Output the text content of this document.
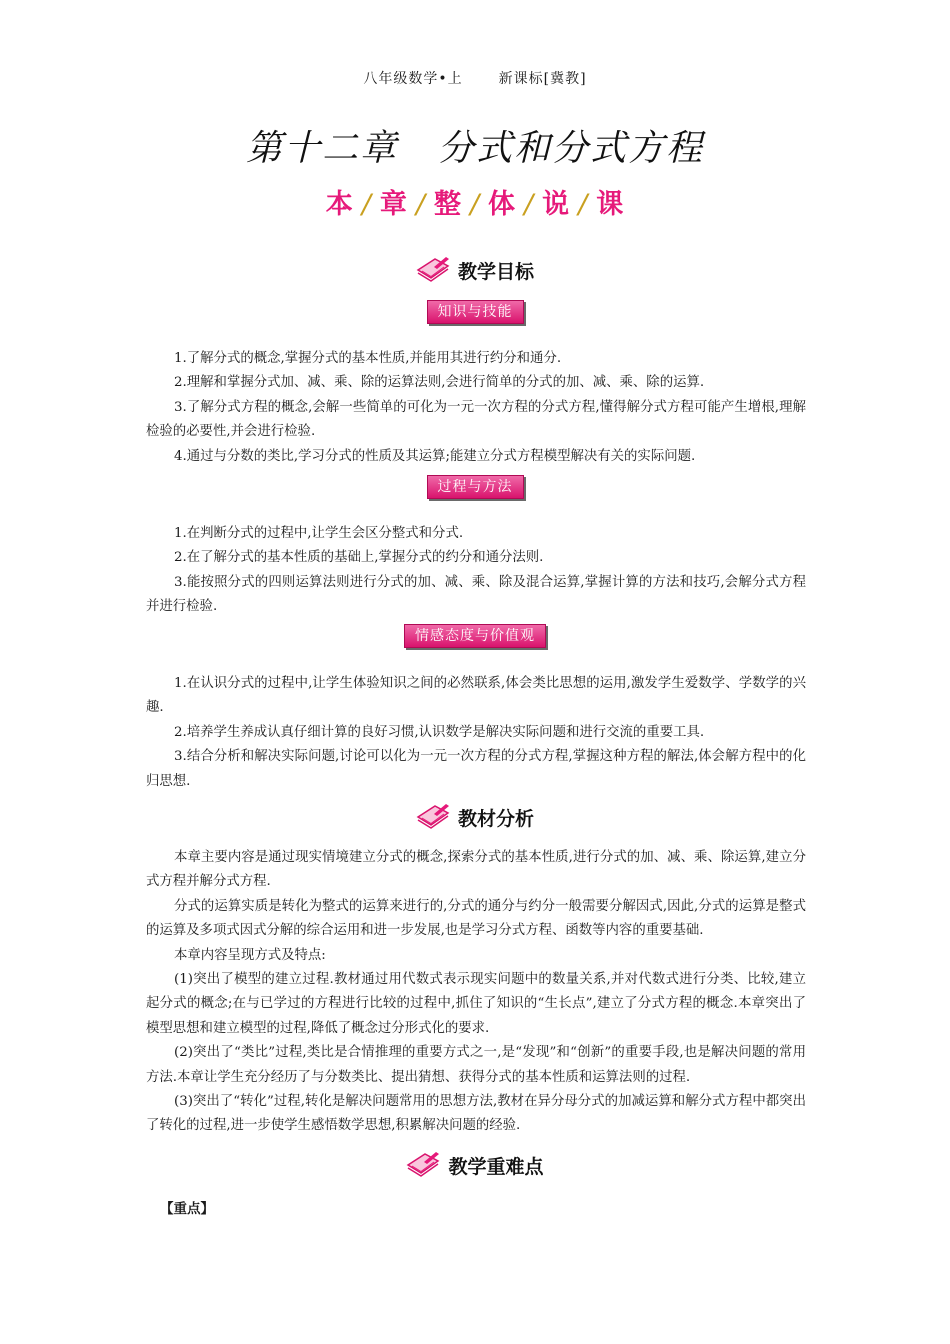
八年级数学•上	新课标[冀教]
第十二章 分式和分式方程
本 / 章 / 整 / 体 / 说 / 课
教学目标
知识与技能

1.了解分式的概念,掌握分式的基本性质,并能用其进行约分和通分.

2.理解和掌握分式加、减、乘、除的运算法则,会进行简单的分式的加、减、乘、除的运算.

3.了解分式方程的概念,会解一些简单的可化为一元一次方程的分式方程,懂得解分式方程可能产生增根,理解检验的必要性,并会进行检验.

4.通过与分数的类比,学习分式的性质及其运算;能建立分式方程模型解决有关的实际问题.

过程与方法

1.在判断分式的过程中,让学生会区分整式和分式.

2.在了解分式的基本性质的基础上,掌握分式的约分和通分法则.

3.能按照分式的四则运算法则进行分式的加、减、乘、除及混合运算,掌握计算的方法和技巧,会解分式方程并进行检验.

情感态度与价值观

1.在认识分式的过程中,让学生体验知识之间的必然联系,体会类比思想的运用,激发学生爱数学、学数学的兴趣.

2.培养学生养成认真仔细计算的良好习惯,认识数学是解决实际问题和进行交流的重要工具.

3.结合分析和解决实际问题,讨论可以化为一元一次方程的分式方程,掌握这种方程的解法,体会解方程中的化归思想.

教材分析

本章主要内容是通过现实情境建立分式的概念,探索分式的基本性质,进行分式的加、减、乘、除运算,建立分式方程并解分式方程.

分式的运算实质是转化为整式的运算来进行的,分式的通分与约分一般需要分解因式,因此,分式的运算是整式的运算及多项式因式分解的综合运用和进一步发展,也是学习分式方程、函数等内容的重要基础.

本章内容呈现方式及特点:

(1)突出了模型的建立过程.教材通过用代数式表示现实问题中的数量关系,并对代数式进行分类、比较,建立起分式的概念;在与已学过的方程进行比较的过程中,抓住了知识的“生长点”,建立了分式方程的概念.本章突出了模型思想和建立模型的过程,降低了概念过分形式化的要求.

(2)突出了“类比”过程,类比是合情推理的重要方式之一,是“发现”和“创新”的重要手段,也是解决问题的常用方法.本章让学生充分经历了与分数类比、提出猜想、获得分式的基本性质和运算法则的过程.

(3)突出了“转化”过程,转化是解决问题常用的思想方法,教材在异分母分式的加减运算和解分式方程中都突出了转化的过程,进一步使学生感悟数学思想,积累解决问题的经验.

教学重难点
【重点】
